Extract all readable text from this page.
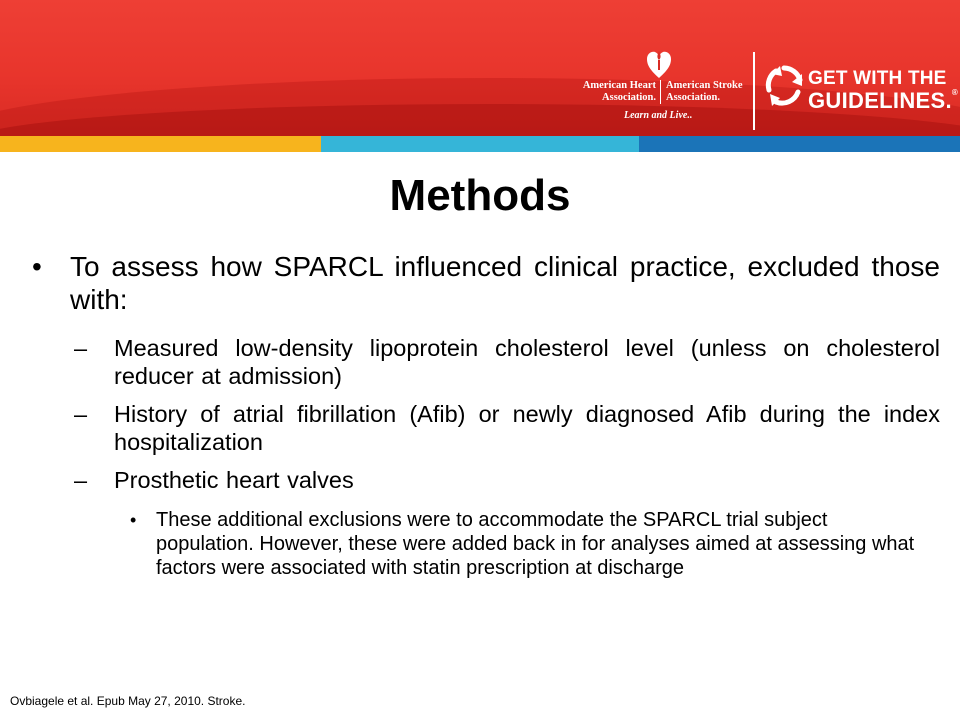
American Heart
Association.
American Stroke
Association.
Learn and Live..
GET WITH THE
GUIDELINES.®
Methods
• To assess how SPARCL influenced clinical practice, excluded those with:
– Measured low-density lipoprotein cholesterol level (unless on cholesterol reducer at admission)
– History of atrial fibrillation (Afib) or newly diagnosed Afib during the index hospitalization
– Prosthetic heart valves
• These additional exclusions were to accommodate the SPARCL trial subject population. However, these were added back in for analyses aimed at assessing what factors were associated with statin prescription at discharge
Ovbiagele et al. Epub May 27, 2010. Stroke.
